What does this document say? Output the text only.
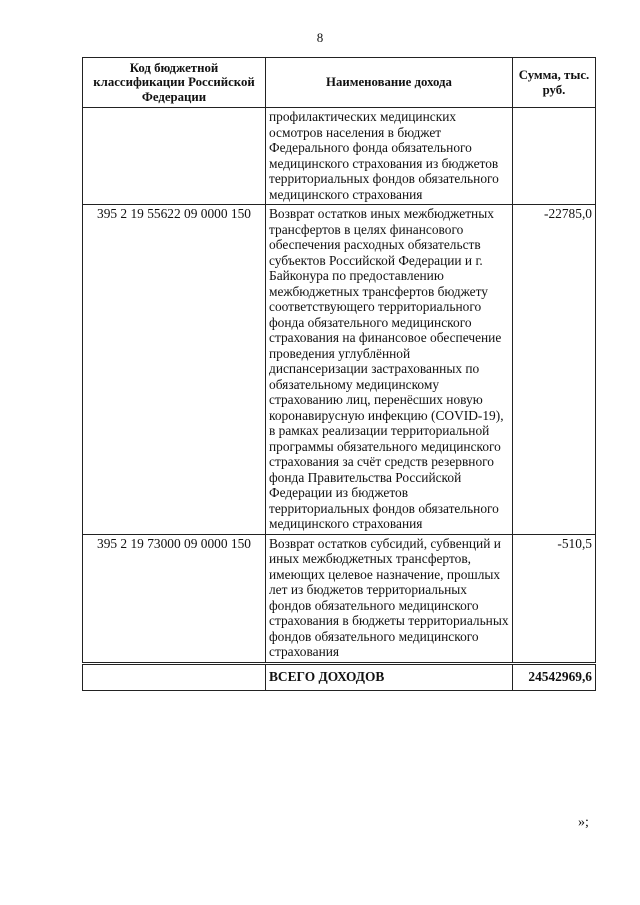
8
Код бюджетной классификации Российской Федерации	Наименование дохода	Сумма, тыс. руб.
	профилактических медицинских осмотров населения в бюджет Федерального фонда обязательного медицинского страхования из бюджетов территориальных фондов обязательного медицинского страхования	
395 2 19 55622 09 0000 150	Возврат остатков иных межбюджетных трансфертов в целях финансового обеспечения расходных обязательств субъектов Российской Федерации и г. Байконура по предоставлению межбюджетных трансфертов бюджету соответствующего территориального фонда обязательного медицинского страхования на финансовое обеспечение проведения углублённой диспансеризации застрахованных по обязательному медицинскому страхованию лиц, перенёсших новую коронавирусную инфекцию (COVID-19), в рамках реализации территориальной программы обязательного медицинского страхования за счёт средств резервного фонда Правительства Российской Федерации из бюджетов территориальных фондов обязательного медицинского страхования	-22785,0
395 2 19 73000 09 0000 150	Возврат остатков субсидий, субвенций и иных межбюджетных трансфертов, имеющих целевое назначение, прошлых лет из бюджетов территориальных фондов обязательного медицинского страхования в бюджеты территориальных фондов обязательного медицинского страхования	-510,5
	ВСЕГО ДОХОДОВ	24542969,6
»;
